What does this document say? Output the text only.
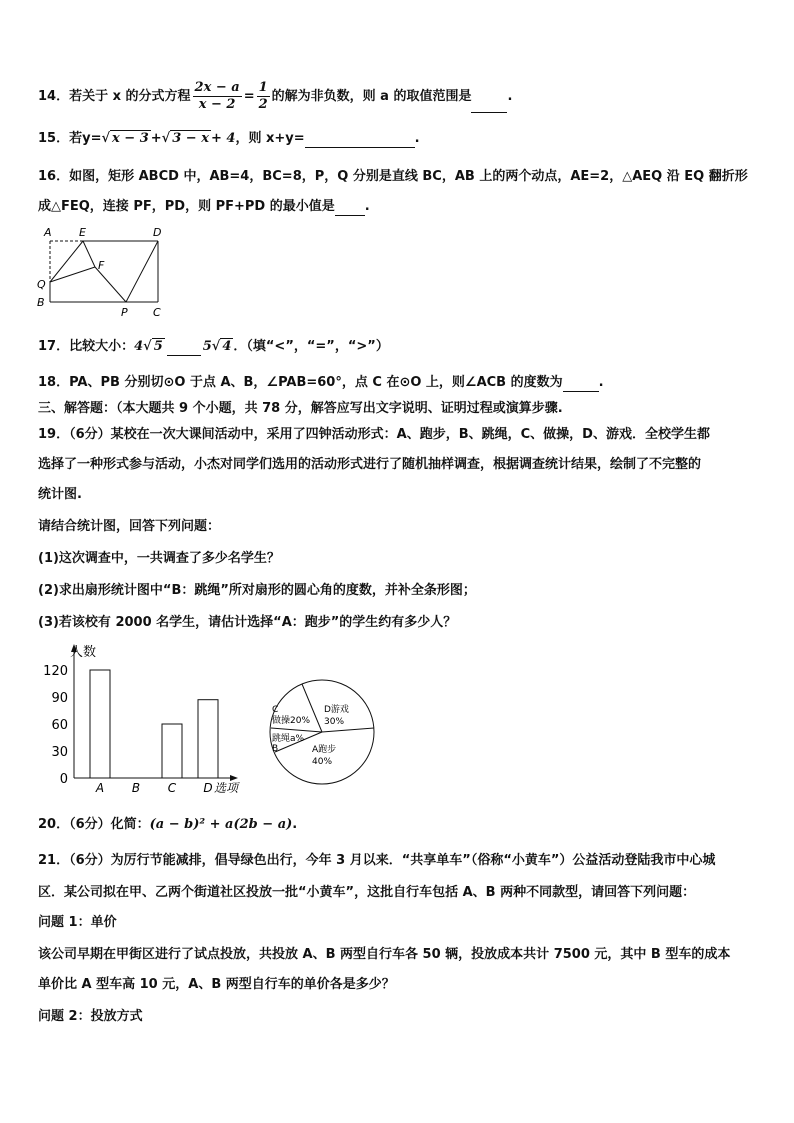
14．若关于 x 的分式方程 $\frac{2x - a}{x - 2} = \frac{1}{2}$ 的解为非负数，则 a 的取值范围是	.
15．若y=√ x − 3 +√ 3 − x + 4，则 x+y=	.
16．如图，矩形 ABCD 中，AB=4，BC=8，P，Q 分别是直线 BC，AB 上的两个动点，AE=2，△AEQ 沿 EQ 翻折形
成△FEQ，连接 PF，PD，则 PF+PD 的最小值是 .
A E	D
F
Q
B
P C
17．比较大小：4√ 5	5√ 4 ．（填“<”，“=”，“>”）
18．PA、PB 分别切⊙O 于点 A、B，∠PAB=60°，点 C 在⊙O 上，则∠ACB 的度数为	.
三、解答题：（本大题共 9 个小题，共 78 分，解答应写出文字说明、证明过程或演算步骤.
19．（6分）某校在一次大课间活动中，采用了四钟活动形式：A、跑步，B、跳绳，C、做操，D、游戏．全校学生都
选择了一种形式参与活动，小杰对同学们选用的活动形式进行了随机抽样调查，根据调查统计结果，绘制了不完整的
统计图.
请结合统计图，回答下列问题：
(1)这次调查中，一共调查了多少名学生？
(2)求出扇形统计图中“B：跳绳”所对扇形的圆心角的度数，并补全条形图；
(3)若该校有 2000 名学生，请估计选择“A：跑步”的学生约有多少人？
人数
选项
0
30
60
90
120
A B C D
C
做操20%
D游戏
30%
A跑步
40%
跳绳a%
B
20．（6分）化简：(a − b)² + a(2b − a).
21．（6分）为厉行节能减排，倡导绿色出行，今年 3 月以来．“共享单车”（俗称“小黄车”）公益活动登陆我市中心城
区．某公司拟在甲、乙两个街道社区投放一批“小黄车”，这批自行车包括 A、B 两种不同款型，请回答下列问题：
问题 1：单价
该公司早期在甲街区进行了试点投放，共投放 A、B 两型自行车各 50 辆，投放成本共计 7500 元，其中 B 型车的成本
单价比 A 型车高 10 元，A、B 两型自行车的单价各是多少？
问题 2：投放方式
